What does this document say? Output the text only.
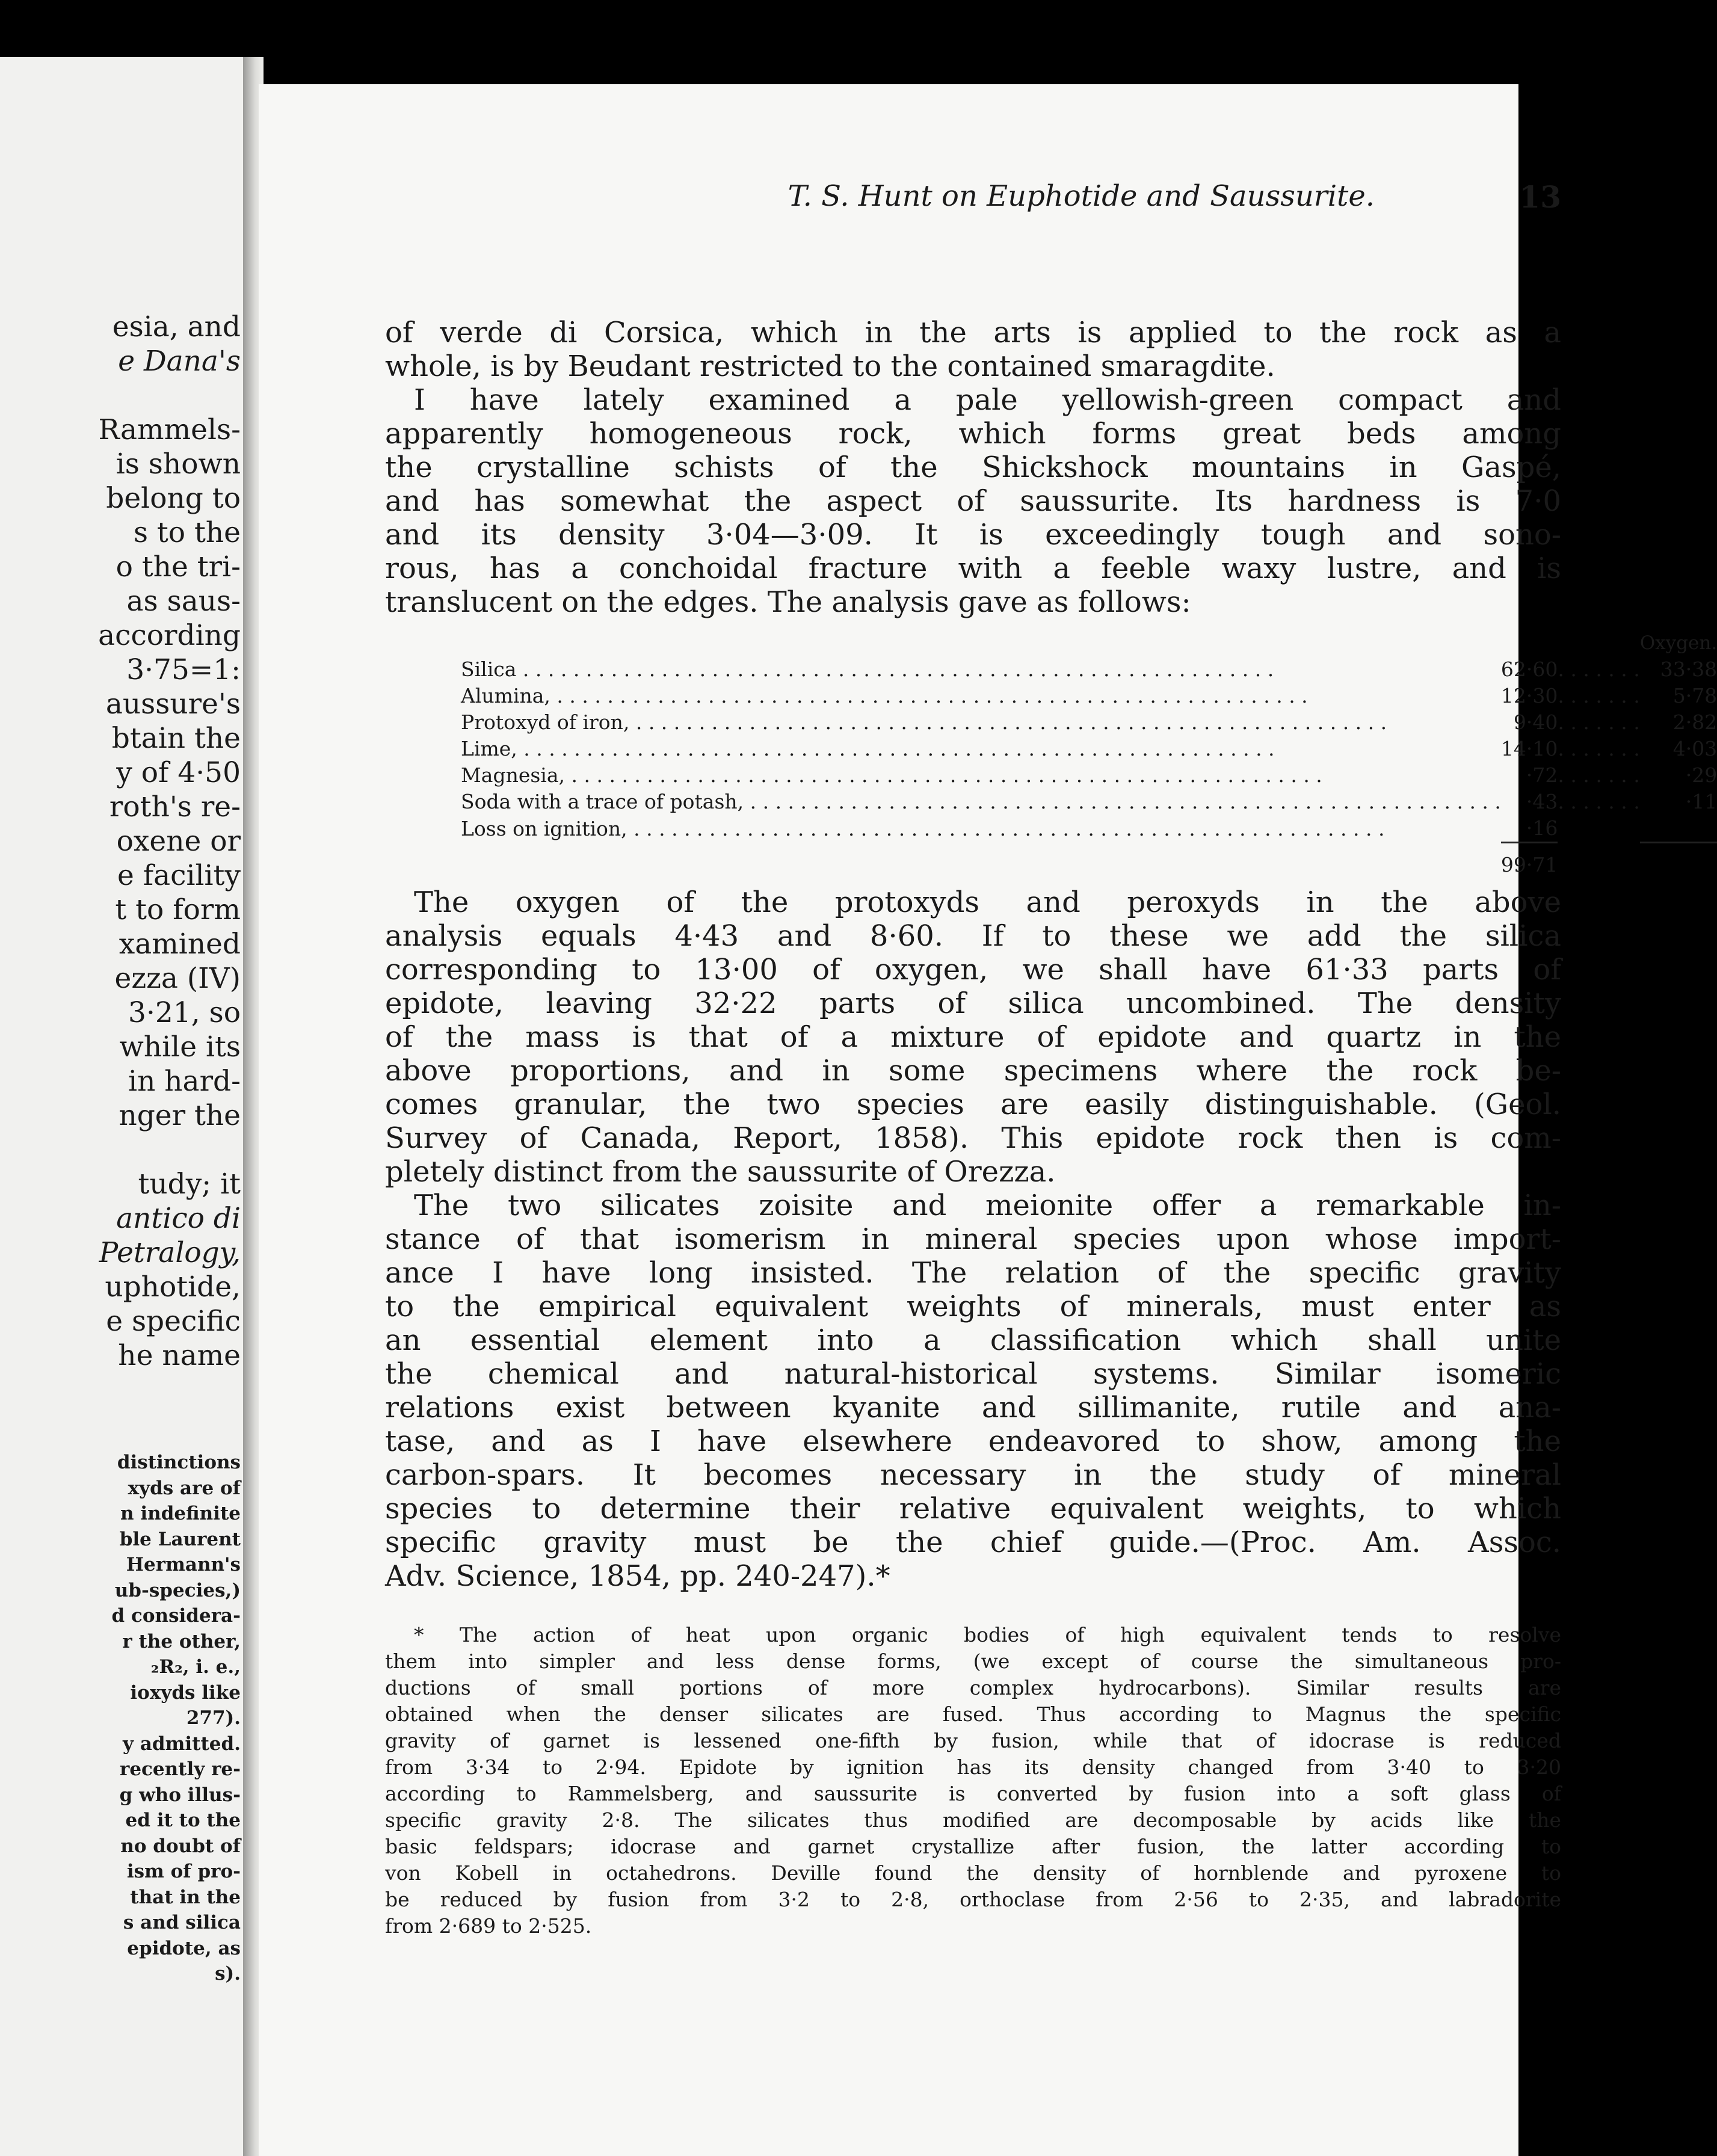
esia, and
e Dana's

Rammels-
is shown
belong to
s to the
o the tri-
as saus-
according
3·75=1:
aussure's
btain the
y of 4·50
roth's re-
oxene or
e facility
t to form
xamined
ezza (IV)
3·21, so
while its
in hard-
nger the

tudy; it
antico di
Petralogy,
uphotide,
e specific
he name
distinctions
xyds are of
n indefinite
ble Laurent
Hermann's
ub-species,)
d considera-
r the other,
₂R₂, i. e.,
ioxyds like
277).
y admitted.
recently re-
g who illus-
ed it to the
no doubt of
ism of pro-
that in the
s and silica
epidote, as
s).
T. S. Hunt on Euphotide and Saussurite.	13
of verde di Corsica, which in the arts is applied to the rock as a
whole, is by Beudant restricted to the contained smaragdite.
I have lately examined a pale yellowish-green compact and
apparently homogeneous rock, which forms great beds among
the crystalline schists of the Shickshock mountains in Gaspé,
and has somewhat the aspect of saussurite. Its hardness is 7·0
and its density 3·04—3·09. It is exceedingly tough and sono-
rous, has a conchoidal fracture with a feeble waxy lustre, and is
translucent on the edges. The analysis gave as follows:
			Oxygen.
Silica . . .	62·60	. . . . . . .	33·38
Alumina, . . .	12·30	. . . . . . .	5·78
Protoxyd of iron, . . .	9·40	. . . . . . .	2·82
Lime, . . .	14·10	. . . . . . .	4·03
Magnesia, . . .	·72	. . . . . . .	·29
Soda with a trace of potash, . . .	·43	. . . . . . .	·11
Loss on ignition, . . .	·16		

	99·71		
The oxygen of the protoxyds and peroxyds in the above
analysis equals 4·43 and 8·60. If to these we add the silica
corresponding to 13·00 of oxygen, we shall have 61·33 parts of
epidote, leaving 32·22 parts of silica uncombined. The density
of the mass is that of a mixture of epidote and quartz in the
above proportions, and in some specimens where the rock be-
comes granular, the two species are easily distinguishable. (Geol.
Survey of Canada, Report, 1858). This epidote rock then is com-
pletely distinct from the saussurite of Orezza.
The two silicates zoisite and meionite offer a remarkable in-
stance of that isomerism in mineral species upon whose import-
ance I have long insisted. The relation of the specific gravity
to the empirical equivalent weights of minerals, must enter as
an essential element into a classification which shall unite
the chemical and natural-historical systems. Similar isomeric
relations exist between kyanite and sillimanite, rutile and ana-
tase, and as I have elsewhere endeavored to show, among the
carbon-spars. It becomes necessary in the study of mineral
species to determine their relative equivalent weights, to which
specific gravity must be the chief guide.—(Proc. Am. Assoc.
Adv. Science, 1854, pp. 240-247).*
* The action of heat upon organic bodies of high equivalent tends to resolve
them into simpler and less dense forms, (we except of course the simultaneous pro-
ductions of small portions of more complex hydrocarbons). Similar results are
obtained when the denser silicates are fused. Thus according to Magnus the specific
gravity of garnet is lessened one-fifth by fusion, while that of idocrase is reduced
from 3·34 to 2·94. Epidote by ignition has its density changed from 3·40 to 3·20
according to Rammelsberg, and saussurite is converted by fusion into a soft glass of
specific gravity 2·8. The silicates thus modified are decomposable by acids like the
basic feldspars; idocrase and garnet crystallize after fusion, the latter according to
von Kobell in octahedrons. Deville found the density of hornblende and pyroxene to
be reduced by fusion from 3·2 to 2·8, orthoclase from 2·56 to 2·35, and labradorite
from 2·689 to 2·525.
